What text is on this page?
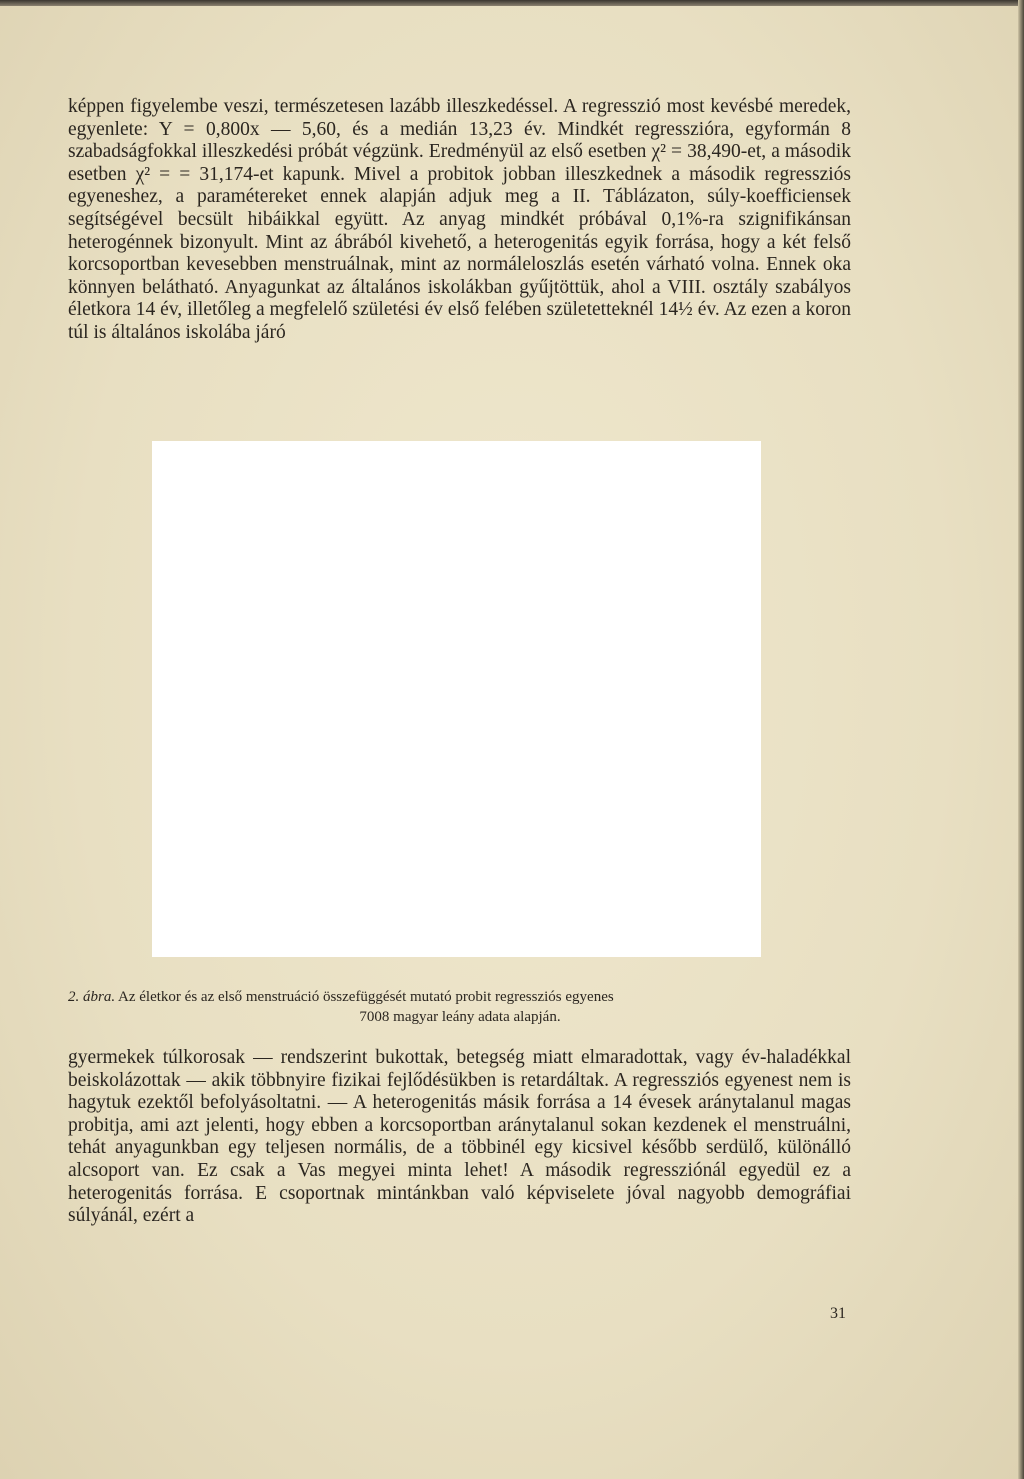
képpen figyelembe veszi, természetesen lazább illeszkedéssel. A regresszió most kevésbé meredek, egyenlete: Y = 0,800x — 5,60, és a medián 13,23 év. Mindkét regresszióra, egyformán 8 szabadságfokkal illeszkedési próbát végzünk. Eredményül az első esetben χ² = 38,490-et, a második esetben χ² = = 31,174-et kapunk. Mivel a probitok jobban illeszkednek a második regressziós egyeneshez, a paramétereket ennek alapján adjuk meg a II. Táblázaton, súly-koefficiensek segítségével becsült hibáikkal együtt. Az anyag mindkét próbával 0,1%-ra szignifikánsan heterogénnek bizonyult. Mint az ábrából kivehető, a heterogenitás egyik forrása, hogy a két felső korcsoportban kevesebben menstruálnak, mint az normáleloszlás esetén várható volna. Ennek oka könnyen belátható. Anyagunkat az általános iskolákban gyűjtöttük, ahol a VIII. osztály szabályos életkora 14 év, illetőleg a megfelelő születési év első felében születetteknél 14½ év. Az ezen a koron túl is általános iskolába járó

2. ábra. Az életkor és az első menstruáció összefüggését mutató probit regressziós egyenes
7008 magyar leány adata alapján.

gyermekek túlkorosak — rendszerint bukottak, betegség miatt elmaradottak, vagy év-haladékkal beiskolázottak — akik többnyire fizikai fejlődésükben is retardáltak. A regressziós egyenest nem is hagytuk ezektől befolyásoltatni. — A heterogenitás másik forrása a 14 évesek aránytalanul magas probitja, ami azt jelenti, hogy ebben a korcsoportban aránytalanul sokan kezdenek el menstruálni, tehát anyagunkban egy teljesen normális, de a többinél egy kicsivel később serdülő, különálló alcsoport van. Ez csak a Vas megyei minta lehet! A második regressziónál egyedül ez a heterogenitás forrása. E csoportnak mintánkban való képviselete jóval nagyobb demográfiai súlyánál, ezért a

31
